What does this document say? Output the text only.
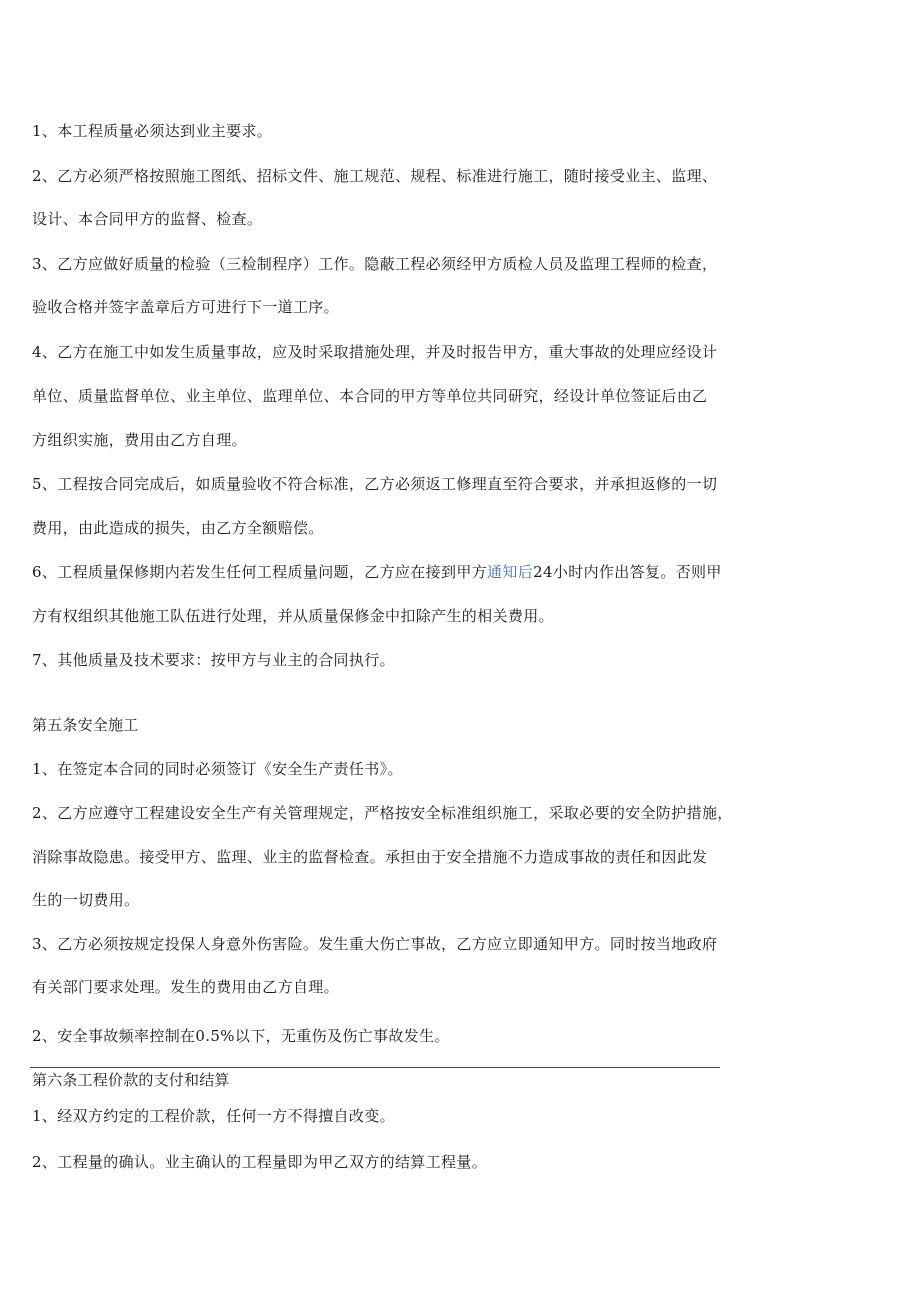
1、本工程质量必须达到业主要求。
2、乙方必须严格按照施工图纸、招标文件、施工规范、规程、标准进行施工，随时接受业主、监理、
设计、本合同甲方的监督、检查。
3、乙方应做好质量的检验（三检制程序）工作。隐蔽工程必须经甲方质检人员及监理工程师的检查，
验收合格并签字盖章后方可进行下一道工序。
4、乙方在施工中如发生质量事故，应及时采取措施处理，并及时报告甲方，重大事故的处理应经设计
单位、质量监督单位、业主单位、监理单位、本合同的甲方等单位共同研究，经设计单位签证后由乙
方组织实施，费用由乙方自理。
5、工程按合同完成后，如质量验收不符合标准，乙方必须返工修理直至符合要求，并承担返修的一切
费用，由此造成的损失，由乙方全额赔偿。
6、工程质量保修期内若发生任何工程质量问题，乙方应在接到甲方通知后24小时内作出答复。否则甲
方有权组织其他施工队伍进行处理，并从质量保修金中扣除产生的相关费用。
7、其他质量及技术要求：按甲方与业主的合同执行。
第五条安全施工
1、在签定本合同的同时必须签订《安全生产责任书》。
2、乙方应遵守工程建设安全生产有关管理规定，严格按安全标准组织施工，采取必要的安全防护措施，
消除事故隐患。接受甲方、监理、业主的监督检查。承担由于安全措施不力造成事故的责任和因此发
生的一切费用。
3、乙方必须按规定投保人身意外伤害险。发生重大伤亡事故，乙方应立即通知甲方。同时按当地政府
有关部门要求处理。发生的费用由乙方自理。
2、安全事故频率控制在0.5%以下，无重伤及伤亡事故发生。
第六条工程价款的支付和结算
1、经双方约定的工程价款，任何一方不得擅自改变。
2、工程量的确认。业主确认的工程量即为甲乙双方的结算工程量。
